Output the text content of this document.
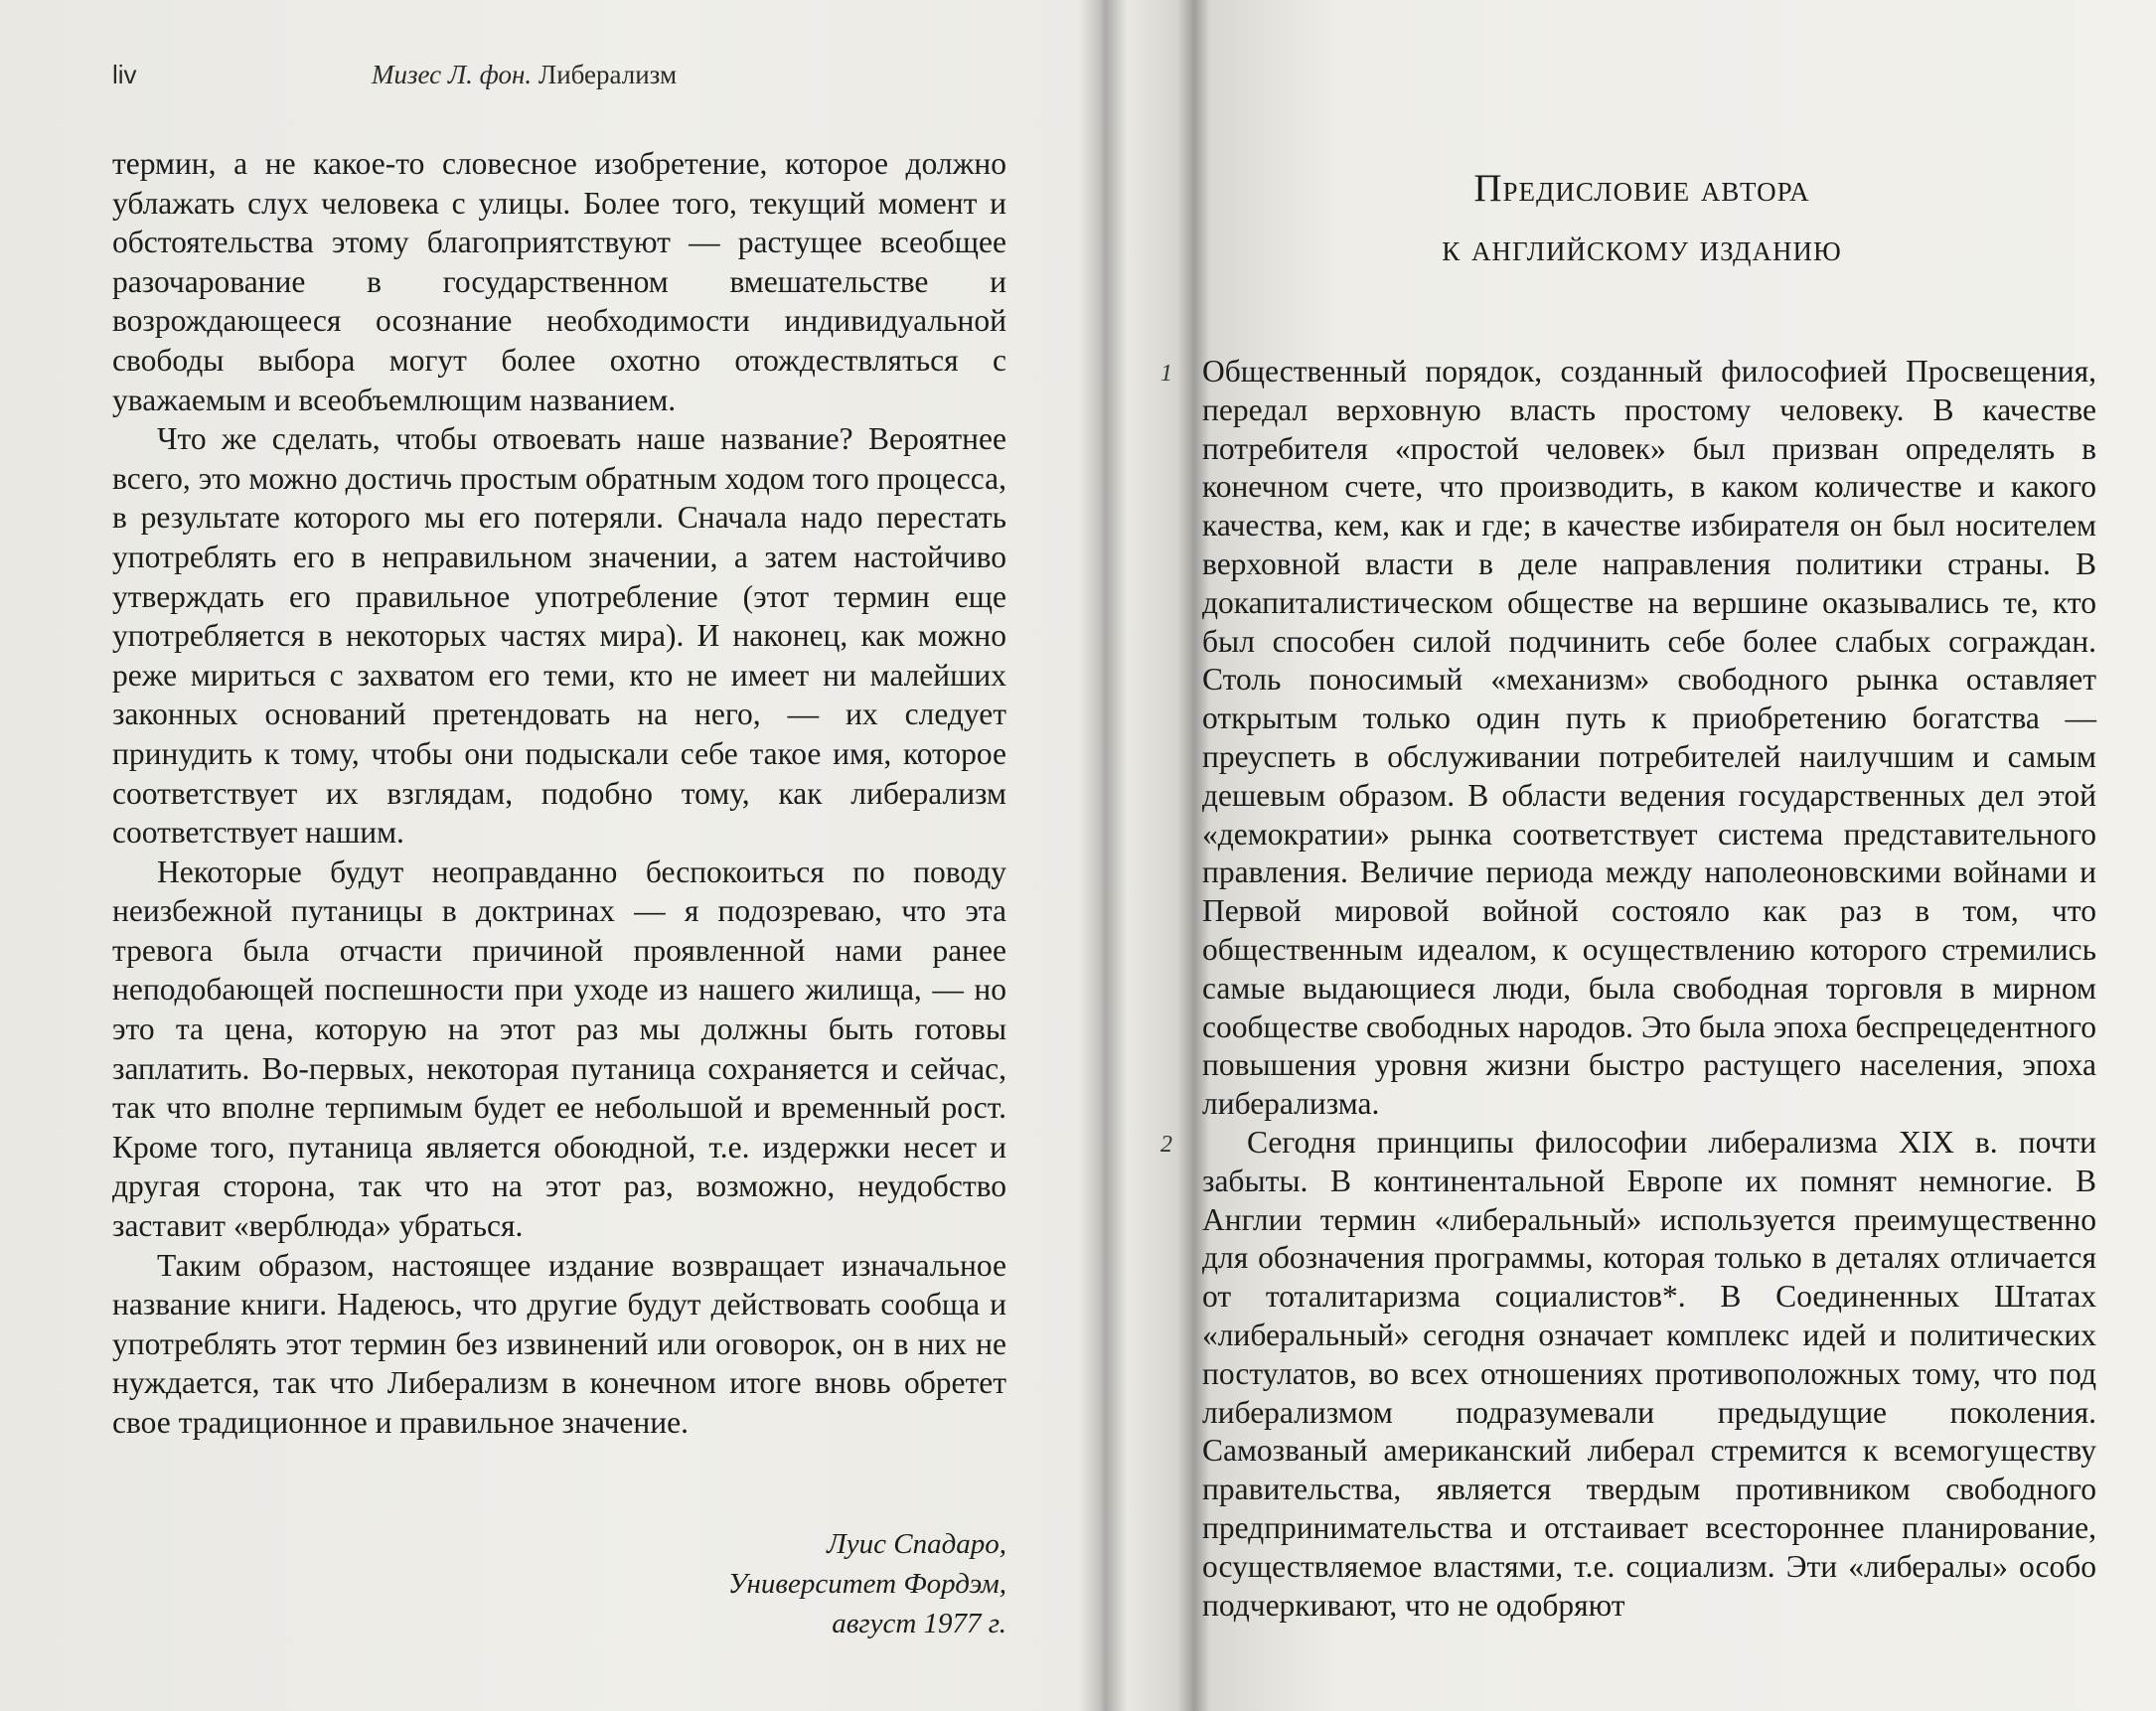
liv	Мизес Л. фон. Либерализм

термин, а не какое-то словесное изобретение, которое должно ублажать слух человека с улицы. Более того, текущий момент и обстоятельства этому благоприятствуют — растущее всеобщее разочарование в государственном вмешательстве и возрождающееся осознание необходимости индивидуальной свободы выбора могут более охотно отождествляться с уважаемым и всеобъемлющим названием.

Что же сделать, чтобы отвоевать наше название? Вероятнее всего, это можно достичь простым обратным ходом того процесса, в результате которого мы его потеряли. Сначала надо перестать употреблять его в неправильном значении, а затем настойчиво утверждать его правильное употребление (этот термин еще употребляется в некоторых частях мира). И наконец, как можно реже мириться с захватом его теми, кто не имеет ни малейших законных оснований претендовать на него, — их следует принудить к тому, чтобы они подыскали себе такое имя, которое соответствует их взглядам, подобно тому, как либерализм соответствует нашим.

Некоторые будут неоправданно беспокоиться по поводу неизбежной путаницы в доктринах — я подозреваю, что эта тревога была отчасти причиной проявленной нами ранее неподобающей поспешности при уходе из нашего жилища, — но это та цена, которую на этот раз мы должны быть готовы заплатить. Во-первых, некоторая путаница сохраняется и сейчас, так что вполне терпимым будет ее небольшой и временный рост. Кроме того, путаница является обоюдной, т.е. издержки несет и другая сторона, так что на этот раз, возможно, неудобство заставит «верблюда» убраться.

Таким образом, настоящее издание возвращает изначальное название книги. Надеюсь, что другие будут действовать сообща и употреблять этот термин без извинений или оговорок, он в них не нуждается, так что Либерализм в конечном итоге вновь обретет свое традиционное и правильное значение.

Луис Спадаро,
Университет Фордэм,
август 1977 г.
Предисловие автора
к английскому изданию

1 Общественный порядок, созданный философией Просвещения, передал верховную власть простому человеку. В качестве потребителя «простой человек» был призван определять в конечном счете, что производить, в каком количестве и какого качества, кем, как и где; в качестве избирателя он был носителем верховной власти в деле направления политики страны. В докапиталистическом обществе на вершине оказывались те, кто был способен силой подчинить себе более слабых сограждан. Столь поносимый «механизм» свободного рынка оставляет открытым только один путь к приобретению богатства — преуспеть в обслуживании потребителей наилучшим и самым дешевым образом. В области ведения государственных дел этой «демократии» рынка соответствует система представительного правления. Величие периода между наполеоновскими войнами и Первой мировой войной состояло как раз в том, что общественным идеалом, к осуществлению которого стремились самые выдающиеся люди, была свободная торговля в мирном сообществе свободных народов. Это была эпоха беспрецедентного повышения уровня жизни быстро растущего населения, эпоха либерализма.

2 Сегодня принципы философии либерализма XIX в. почти забыты. В континентальной Европе их помнят немногие. В Англии термин «либеральный» используется преимущественно для обозначения программы, которая только в деталях отличается от тоталитаризма социалистов*. В Соединенных Штатах «либеральный» сегодня означает комплекс идей и политических постулатов, во всех отношениях противоположных тому, что под либерализмом подразумевали предыдущие поколения. Самозваный американский либерал стремится к всемогуществу правительства, является твердым противником свободного предпринимательства и отстаивает всестороннее планирование, осуществляемое властями, т.е. социализм. Эти «либералы» особо подчеркивают, что не одобряют
